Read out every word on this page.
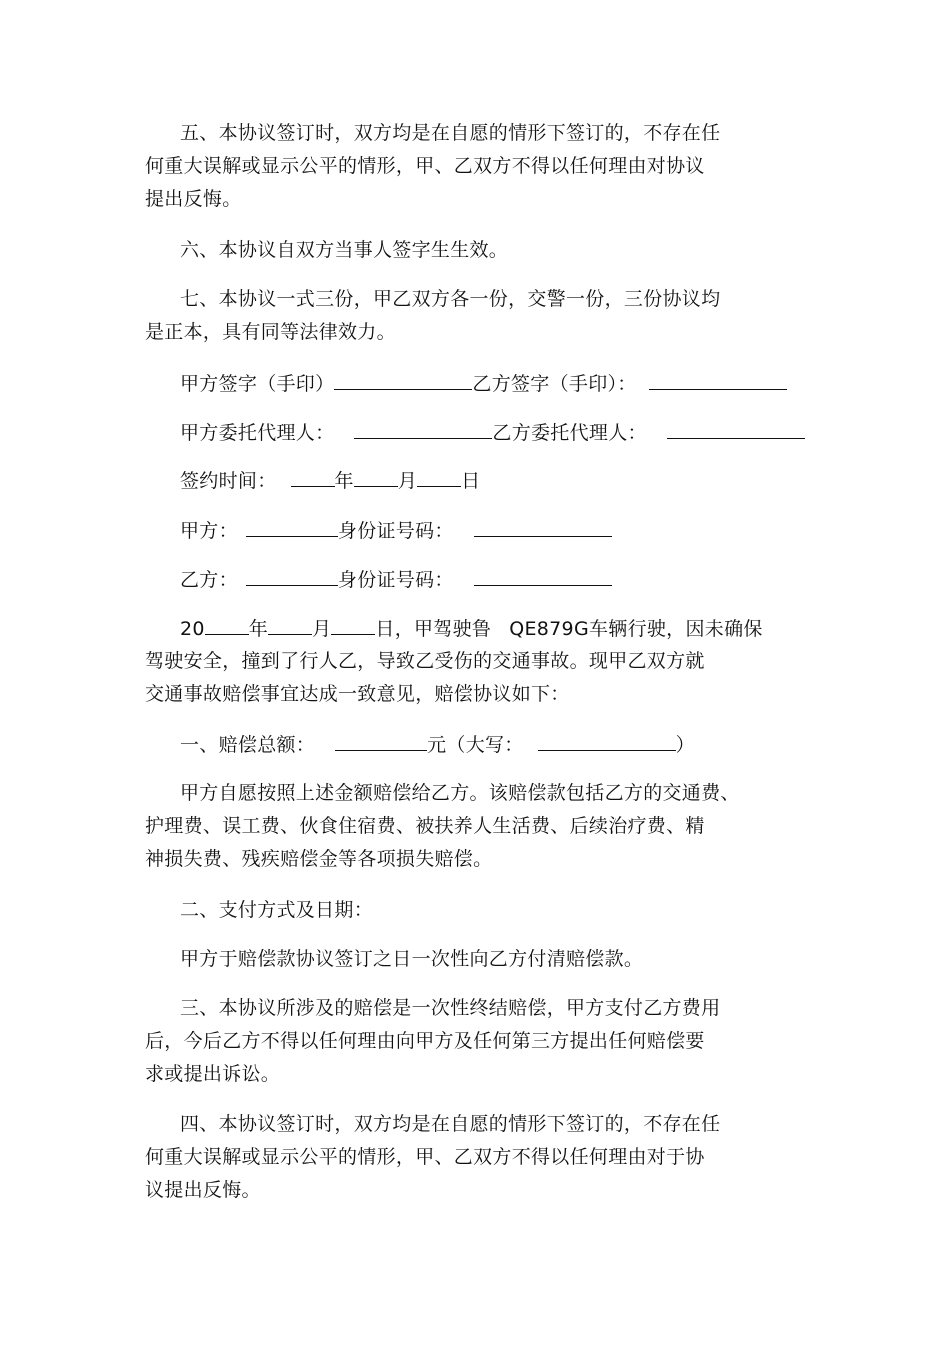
五、本协议签订时，双方均是在自愿的情形下签订的，不存在任
何重大误解或显示公平的情形，甲、乙双方不得以任何理由对协议
提出反悔。
六、本协议自双方当事人签字生生效。
七、本协议一式三份，甲乙双方各一份，交警一份，三份协议均
是正本，具有同等法律效力。
甲方签字（手印）	乙方签字（手印）：
甲方委托代理人：	乙方委托代理人：
签约时间：	年 月 日
甲方：	身份证号码：
乙方：	身份证号码：
20 年 月 日，甲驾驶鲁 QE879G车辆行驶，因未确保
驾驶安全，撞到了行人乙，导致乙受伤的交通事故。现甲乙双方就
交通事故赔偿事宜达成一致意见，赔偿协议如下：
一、赔偿总额：	元（大写：	）
甲方自愿按照上述金额赔偿给乙方。该赔偿款包括乙方的交通费、
护理费、误工费、伙食住宿费、被扶养人生活费、后续治疗费、精
神损失费、残疾赔偿金等各项损失赔偿。
二、支付方式及日期：
甲方于赔偿款协议签订之日一次性向乙方付清赔偿款。
三、本协议所涉及的赔偿是一次性终结赔偿，甲方支付乙方费用
后，今后乙方不得以任何理由向甲方及任何第三方提出任何赔偿要
求或提出诉讼。
四、本协议签订时，双方均是在自愿的情形下签订的，不存在任
何重大误解或显示公平的情形，甲、乙双方不得以任何理由对于协
议提出反悔。
